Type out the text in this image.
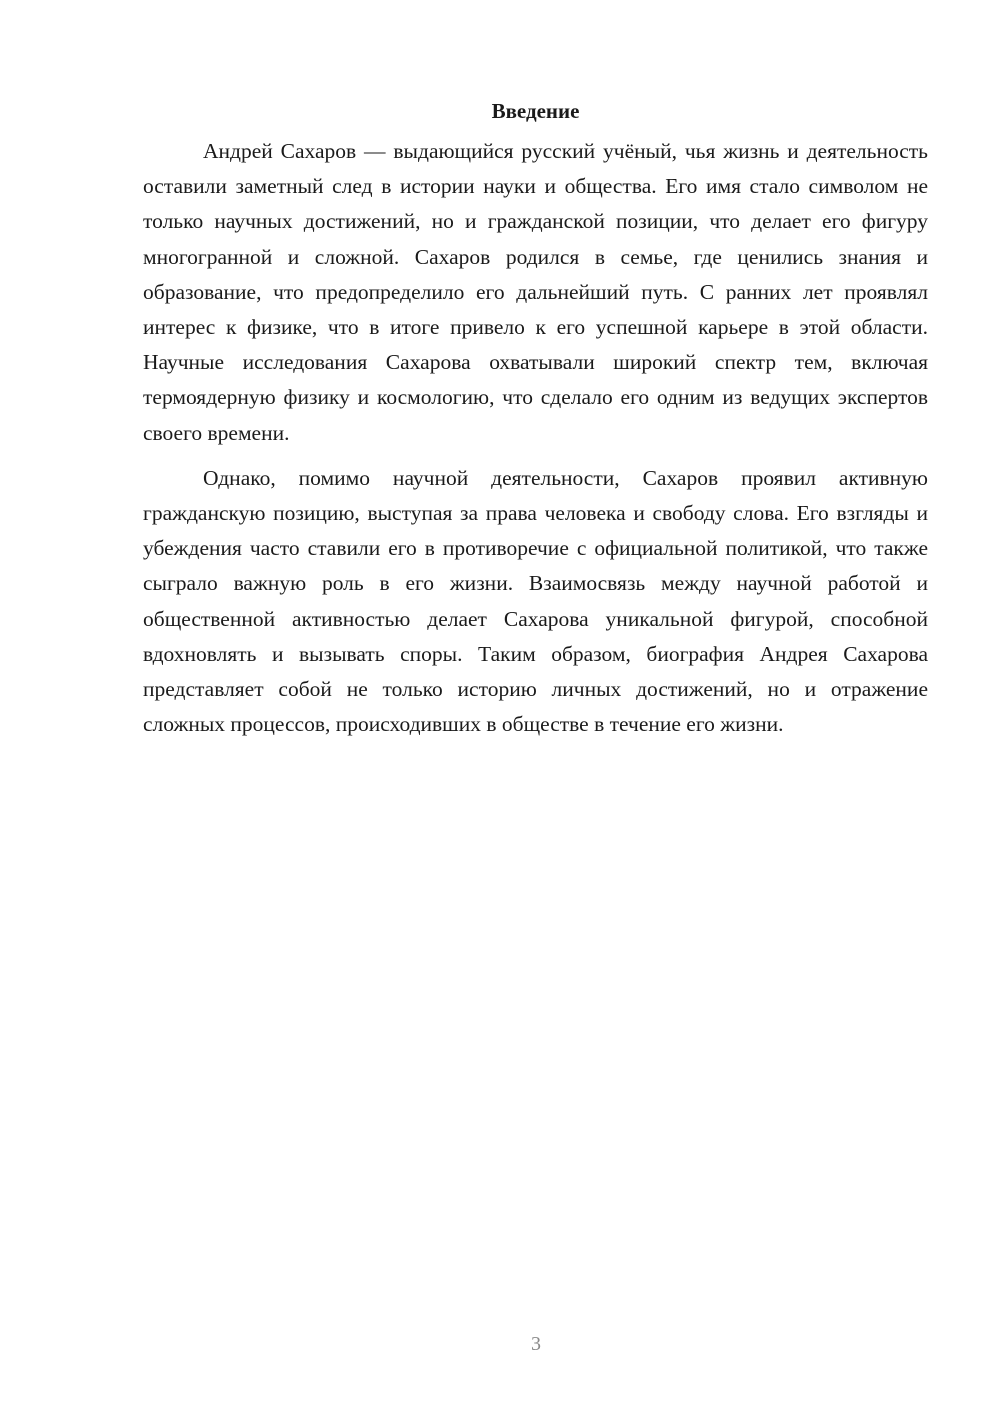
Введение

Андрей Сахаров — выдающийся русский учёный, чья жизнь и деятельность оставили заметный след в истории науки и общества. Его имя стало символом не только научных достижений, но и гражданской позиции, что делает его фигуру многогранной и сложной. Сахаров родился в семье, где ценились знания и образование, что предопределило его дальнейший путь. С ранних лет проявлял интерес к физике, что в итоге привело к его успешной карьере в этой области. Научные исследования Сахарова охватывали широкий спектр тем, включая термоядерную физику и космологию, что сделало его одним из ведущих экспертов своего времени.

Однако, помимо научной деятельности, Сахаров проявил активную гражданскую позицию, выступая за права человека и свободу слова. Его взгляды и убеждения часто ставили его в противоречие с официальной политикой, что также сыграло важную роль в его жизни. Взаимосвязь между научной работой и общественной активностью делает Сахарова уникальной фигурой, способной вдохновлять и вызывать споры. Таким образом, биография Андрея Сахарова представляет собой не только историю личных достижений, но и отражение сложных процессов, происходивших в обществе в течение его жизни.

3
